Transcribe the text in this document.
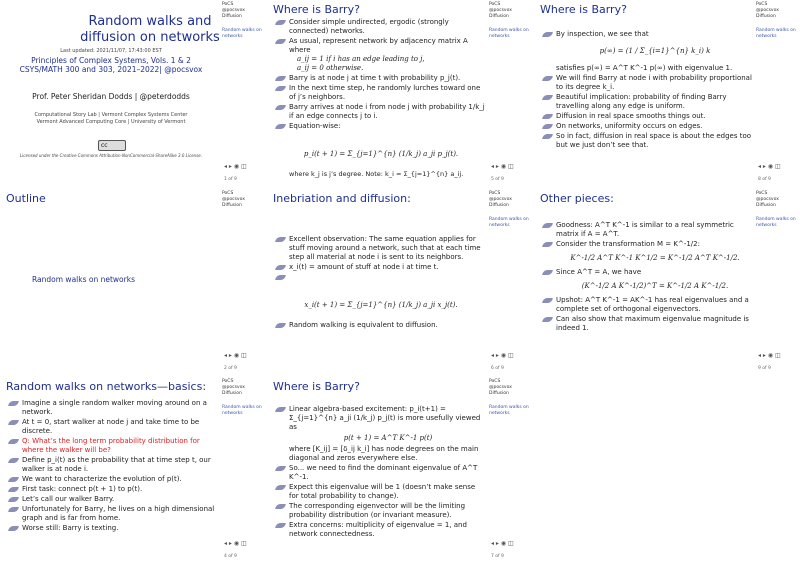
Random walks and diffusion on networks
Last updated: 2021/11/07, 17:43:00 EST
Principles of Complex Systems, Vols. 1 & 2 CSYS/MATH 300 and 303, 2021–2022| @pocsvox
Prof. Peter Sheridan Dodds | @peterdodds
Computational Story Lab | Vermont Complex Systems Center
Vermont Advanced Computing Core | University of Vermont
cc
Licensed under the Creative Commons Attribution-NonCommercial-ShareAlike 3.0 License.
PoCS
@pocsvox
Diffusion
Random walks on networks
◂ ▸ ◉ ◫
1 of 9
Outline
Random walks on networks
PoCS
@pocsvox
Diffusion
◂ ▸ ◉ ◫
2 of 9
Random walks on networks—basics:
Imagine a single random walker moving around on a network.
At t = 0, start walker at node j and take time to be discrete.
Q: What’s the long term probability distribution for where the walker will be?
Define p_i(t) as the probability that at time step t, our walker is at node i.
We want to characterize the evolution of p(t).
First task: connect p(t + 1) to p(t).
Let’s call our walker Barry.
Unfortunately for Barry, he lives on a high dimensional graph and is far from home.
Worse still: Barry is texting.
PoCS
@pocsvox
Diffusion
Random walks on networks
◂ ▸ ◉ ◫
4 of 9
Where is Barry?
Consider simple undirected, ergodic (strongly connected) networks.
As usual, represent network by adjacency matrix A where
a_ij = 1 if i has an edge leading to j,
a_ij = 0 otherwise.
Barry is at node j at time t with probability p_j(t).
In the next time step, he randomly lurches toward one of j’s neighbors.
Barry arrives at node i from node j with probability 1/k_j if an edge connects j to i.
Equation-wise:
p_i(t + 1) = Σ_{j=1}^{n} (1/k_j) a_ji p_j(t).
where k_j is j’s degree. Note: k_i = Σ_{j=1}^{n} a_ij.
PoCS
@pocsvox
Diffusion
Random walks on networks
◂ ▸ ◉ ◫
5 of 9
Inebriation and diffusion:
Excellent observation: The same equation applies for stuff moving around a network, such that at each time step all material at node i is sent to its neighbors.
x_i(t) = amount of stuff at node i at time t.
x_i(t + 1) = Σ_{j=1}^{n} (1/k_j) a_ji x_j(t).
Random walking is equivalent to diffusion.
PoCS
@pocsvox
Diffusion
Random walks on networks
◂ ▸ ◉ ◫
6 of 9
Where is Barry?
Linear algebra-based excitement: p_i(t+1) = Σ_{j=1}^{n} a_ji (1/k_j) p_j(t) is more usefully viewed as
p(t + 1) = A^T K^-1 p(t)
where [K_ij] = [δ_ij k_i] has node degrees on the main diagonal and zeros everywhere else.
So... we need to find the dominant eigenvalue of A^T K^-1.
Expect this eigenvalue will be 1 (doesn’t make sense for total probability to change).
The corresponding eigenvector will be the limiting probability distribution (or invariant measure).
Extra concerns: multiplicity of eigenvalue = 1, and network connectedness.
PoCS
@pocsvox
Diffusion
Random walks on networks
◂ ▸ ◉ ◫
7 of 9
Where is Barry?
By inspection, we see that
p(∞) = (1 / Σ_{i=1}^{n} k_i) k
satisfies p(∞) = A^T K^-1 p(∞) with eigenvalue 1.
We will find Barry at node i with probability proportional to its degree k_i.
Beautiful implication: probability of finding Barry travelling along any edge is uniform.
Diffusion in real space smooths things out.
On networks, uniformity occurs on edges.
So in fact, diffusion in real space is about the edges too but we just don’t see that.
PoCS
@pocsvox
Diffusion
Random walks on networks
◂ ▸ ◉ ◫
8 of 9
Other pieces:
Goodness: A^T K^-1 is similar to a real symmetric matrix if A = A^T.
Consider the transformation M = K^-1/2:
K^-1/2 A^T K^-1 K^1/2 = K^-1/2 A^T K^-1/2.
Since A^T = A, we have
(K^-1/2 A K^-1/2)^T = K^-1/2 A K^-1/2.
Upshot: A^T K^-1 = AK^-1 has real eigenvalues and a complete set of orthogonal eigenvectors.
Can also show that maximum eigenvalue magnitude is indeed 1.
PoCS
@pocsvox
Diffusion
Random walks on networks
◂ ▸ ◉ ◫
9 of 9
